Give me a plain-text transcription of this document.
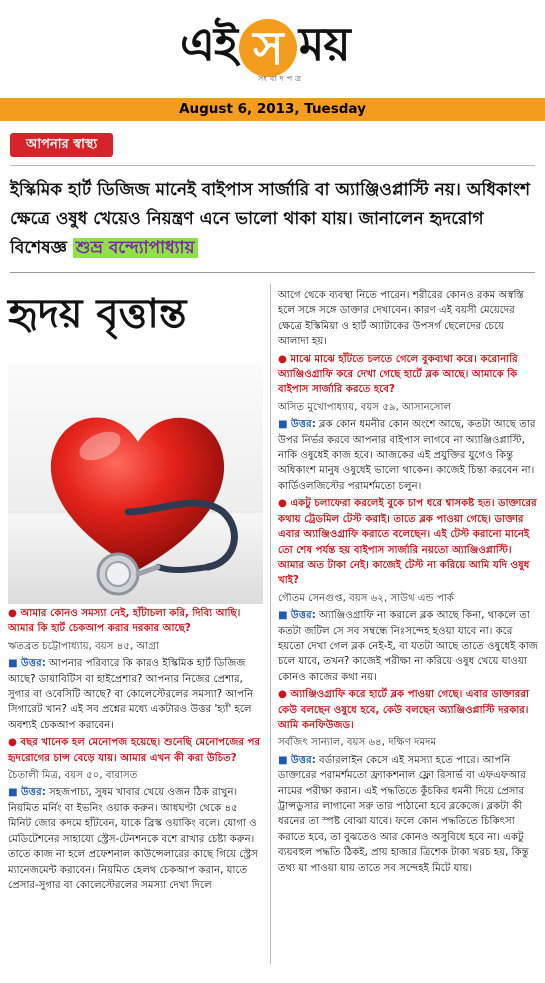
এই স ময়
সংবাদপত্র
August 6, 2013, Tuesday
আপনার স্বাস্থ্য
ইস্কিমিক হার্ট ডিজিজ মানেই বাইপাস সার্জারি বা অ্যাঞ্জিওপ্লাস্টি নয়। অধিকাংশ ক্ষেত্রে ওষুধ খেয়েও নিয়ন্ত্রণ এনে ভালো থাকা যায়। জানালেন হৃদরোগ বিশেষজ্ঞ শুভ্র বন্দ্যোপাধ্যায়
হৃদয় বৃত্তান্ত

● আমার কোনও সমস্যা নেই, হাঁটাচলা করি, দিব্যি আছি। আমার কি হার্ট চেকআপ করার দরকার আছে?

ঋতব্রত চট্টোপাধ্যায়, বয়স ৪৫, আগ্রা

■ উত্তর: আপনার পরিবারে কি কারও ইস্কিমিক হার্ট ডিজিজ আছে? ডায়াবিটিস বা হাইপ্রেশার? আপনার নিজের প্রেশার, সুগার বা ওবেসিটি আছে? বা কোলেস্টেরলের সমস্যা? আপনি সিগারেট খান? এই সব প্রশ্নের মধ্যে একটারও উত্তর 'হ্যাঁ' হলে অবশ্যই চেকআপ করাবেন।

● বছর খানেক হল মেনোপজ হয়েছে। শুনেছি মেনোপজের পর হৃদরোগের চান্স বেড়ে যায়। আমার এখন কী করা উচিত?

চৈতালী মিত্র, বয়স ৫০, বারাসত

■ উত্তর: সহজপাচ্য, সুষম খাবার খেয়ে ওজন ঠিক রাখুন। নিয়মিত মর্নিং বা ইভনিং ওয়াক করুন। আধঘণ্টা থেকে ৪৫ মিনিট জোর কদমে হাঁটবেন, যাকে ব্রিস্ক ওয়াকিং বলে। যোগা ও মেডিটেশনের সাহায্যে স্ট্রেস-টেনশনকে বশে রাখার চেষ্টা করুন। তাতে কাজ না হলে প্রফেশনাল কাউন্সেলারের কাছে গিয়ে স্ট্রেস ম্যানেজমেন্ট করাবেন। নিয়মিত হেলথ চেকআপ করান, যাতে প্রেসার-সুগার বা কোলেস্টেরলের সমস্যা দেখা দিলে

আগে থেকে ব্যবস্থা নিতে পারেন। শরীরের কোনও রকম অস্বস্তি হলে সঙ্গে সঙ্গে ডাক্তার দেখাবেন। কারণ এই বয়সী মেয়েদের ক্ষেত্রে ইস্কিমিয়া ও হার্ট অ্যাটাকের উপসর্গ ছেলেদের চেয়ে আলাদা হয়।

● মাঝে মাঝে হাঁটতে চলতে গেলে বুকব্যথা করে। করোনারি অ্যাঞ্জিওগ্রাফি করে দেখা গেছে হার্টে ব্লক আছে। আমাকে কি বাইপাস সার্জারি করতে হবে?

অসিত মুখোপাধ্যায়, বয়স ৫৯, আসানসোল

■ উত্তর: ব্লক কোন ধমনীর কোন অংশে আছে, কতটা আছে তার উপর নির্ভর করবে আপনার বাইপাস লাগবে না অ্যাঞ্জিওপ্লাস্টি, নাকি ওষুধেই কাজ হবে। আজকের এই প্রযুক্তির যুগেও কিন্তু অধিকাংশ মানুষ ওষুধেই ভালো থাকেন। কাজেই চিন্তা করবেন না। কার্ডিওলজিস্টের পরামর্শমতো চলুন।

● একটু চলাফেরা করলেই বুকে চাপ ধরে শ্বাসকষ্ট হত। ডাক্তারের কথায় ট্রেডমিল টেস্ট করাই। তাতে ব্লক পাওয়া গেছে। ডাক্তার এবার অ্যাঞ্জিওগ্রাফি করাতে বলেছেন। এই টেস্ট করানো মানেই তো শেষ পর্যন্ত হয় বাইপাস সার্জারি নয়তো অ্যাঞ্জিওপ্লাস্টি। আমার অত টাকা নেই। কাজেই টেস্ট না করিয়ে আমি যদি ওষুধ খাই?

গৌতম সেনগুপ্ত, বয়স ৬২, সাউথ এন্ড পার্ক

■ উত্তর: অ্যাঞ্জিওগ্রাফি না করালে ব্লক আছে কিনা, থাকলে তা কতটা জটিল সে সব সম্বন্ধে নিঃসন্দেহ হওয়া যাবে না। করে হয়তো দেখা গেল ব্লক নেই-ই, বা যতটা আছে তাতে ওষুধেই কাজ চলে যাবে, তখন? কাজেই পরীক্ষা না করিয়ে ওষুধ খেয়ে যাওয়া কোনও কাজের কথা নয়।

● অ্যাঞ্জিওগ্রাফি করে হার্টে ব্লক পাওয়া গেছে। এবার ডাক্তাররা কেউ বলছেন ওষুধে হবে, কেউ বলছেন অ্যাঞ্জিওপ্লাস্টি দরকার। আমি কনফিউজড।

সর্বজিৎ সান্যাল, বয়স ৬৪, দক্ষিণ দমদম

■ উত্তর: বর্ডারলাইন কেসে এই সমস্যা হতে পারে। আপনি ডাক্তারের পরামর্শমতো ফ্র্যাকশনাল ফ্লো রিসার্ভ বা এফএফআর নামের পরীক্ষা করান। এই পদ্ধতিতে কুঁচকির ধমনী দিয়ে প্রেসার ট্রান্সডুসার লাগানো সরু তার পাঠানো হবে ব্লকেজে। ব্লকটা কী ধরনের তা স্পষ্ট বোঝা যাবে। ফলে কোন পদ্ধতিতে চিকিৎসা করাতে হবে, তা বুঝতেও আর কোনও অসুবিধে হবে না। একটু ব্যয়বহুল পদ্ধতি ঠিকই, প্রায় হাজার ত্রিশেক টাকা খরচ হয়, কিন্তু তথ্য যা পাওয়া যায় তাতে সব সন্দেহই মিটে যায়।
